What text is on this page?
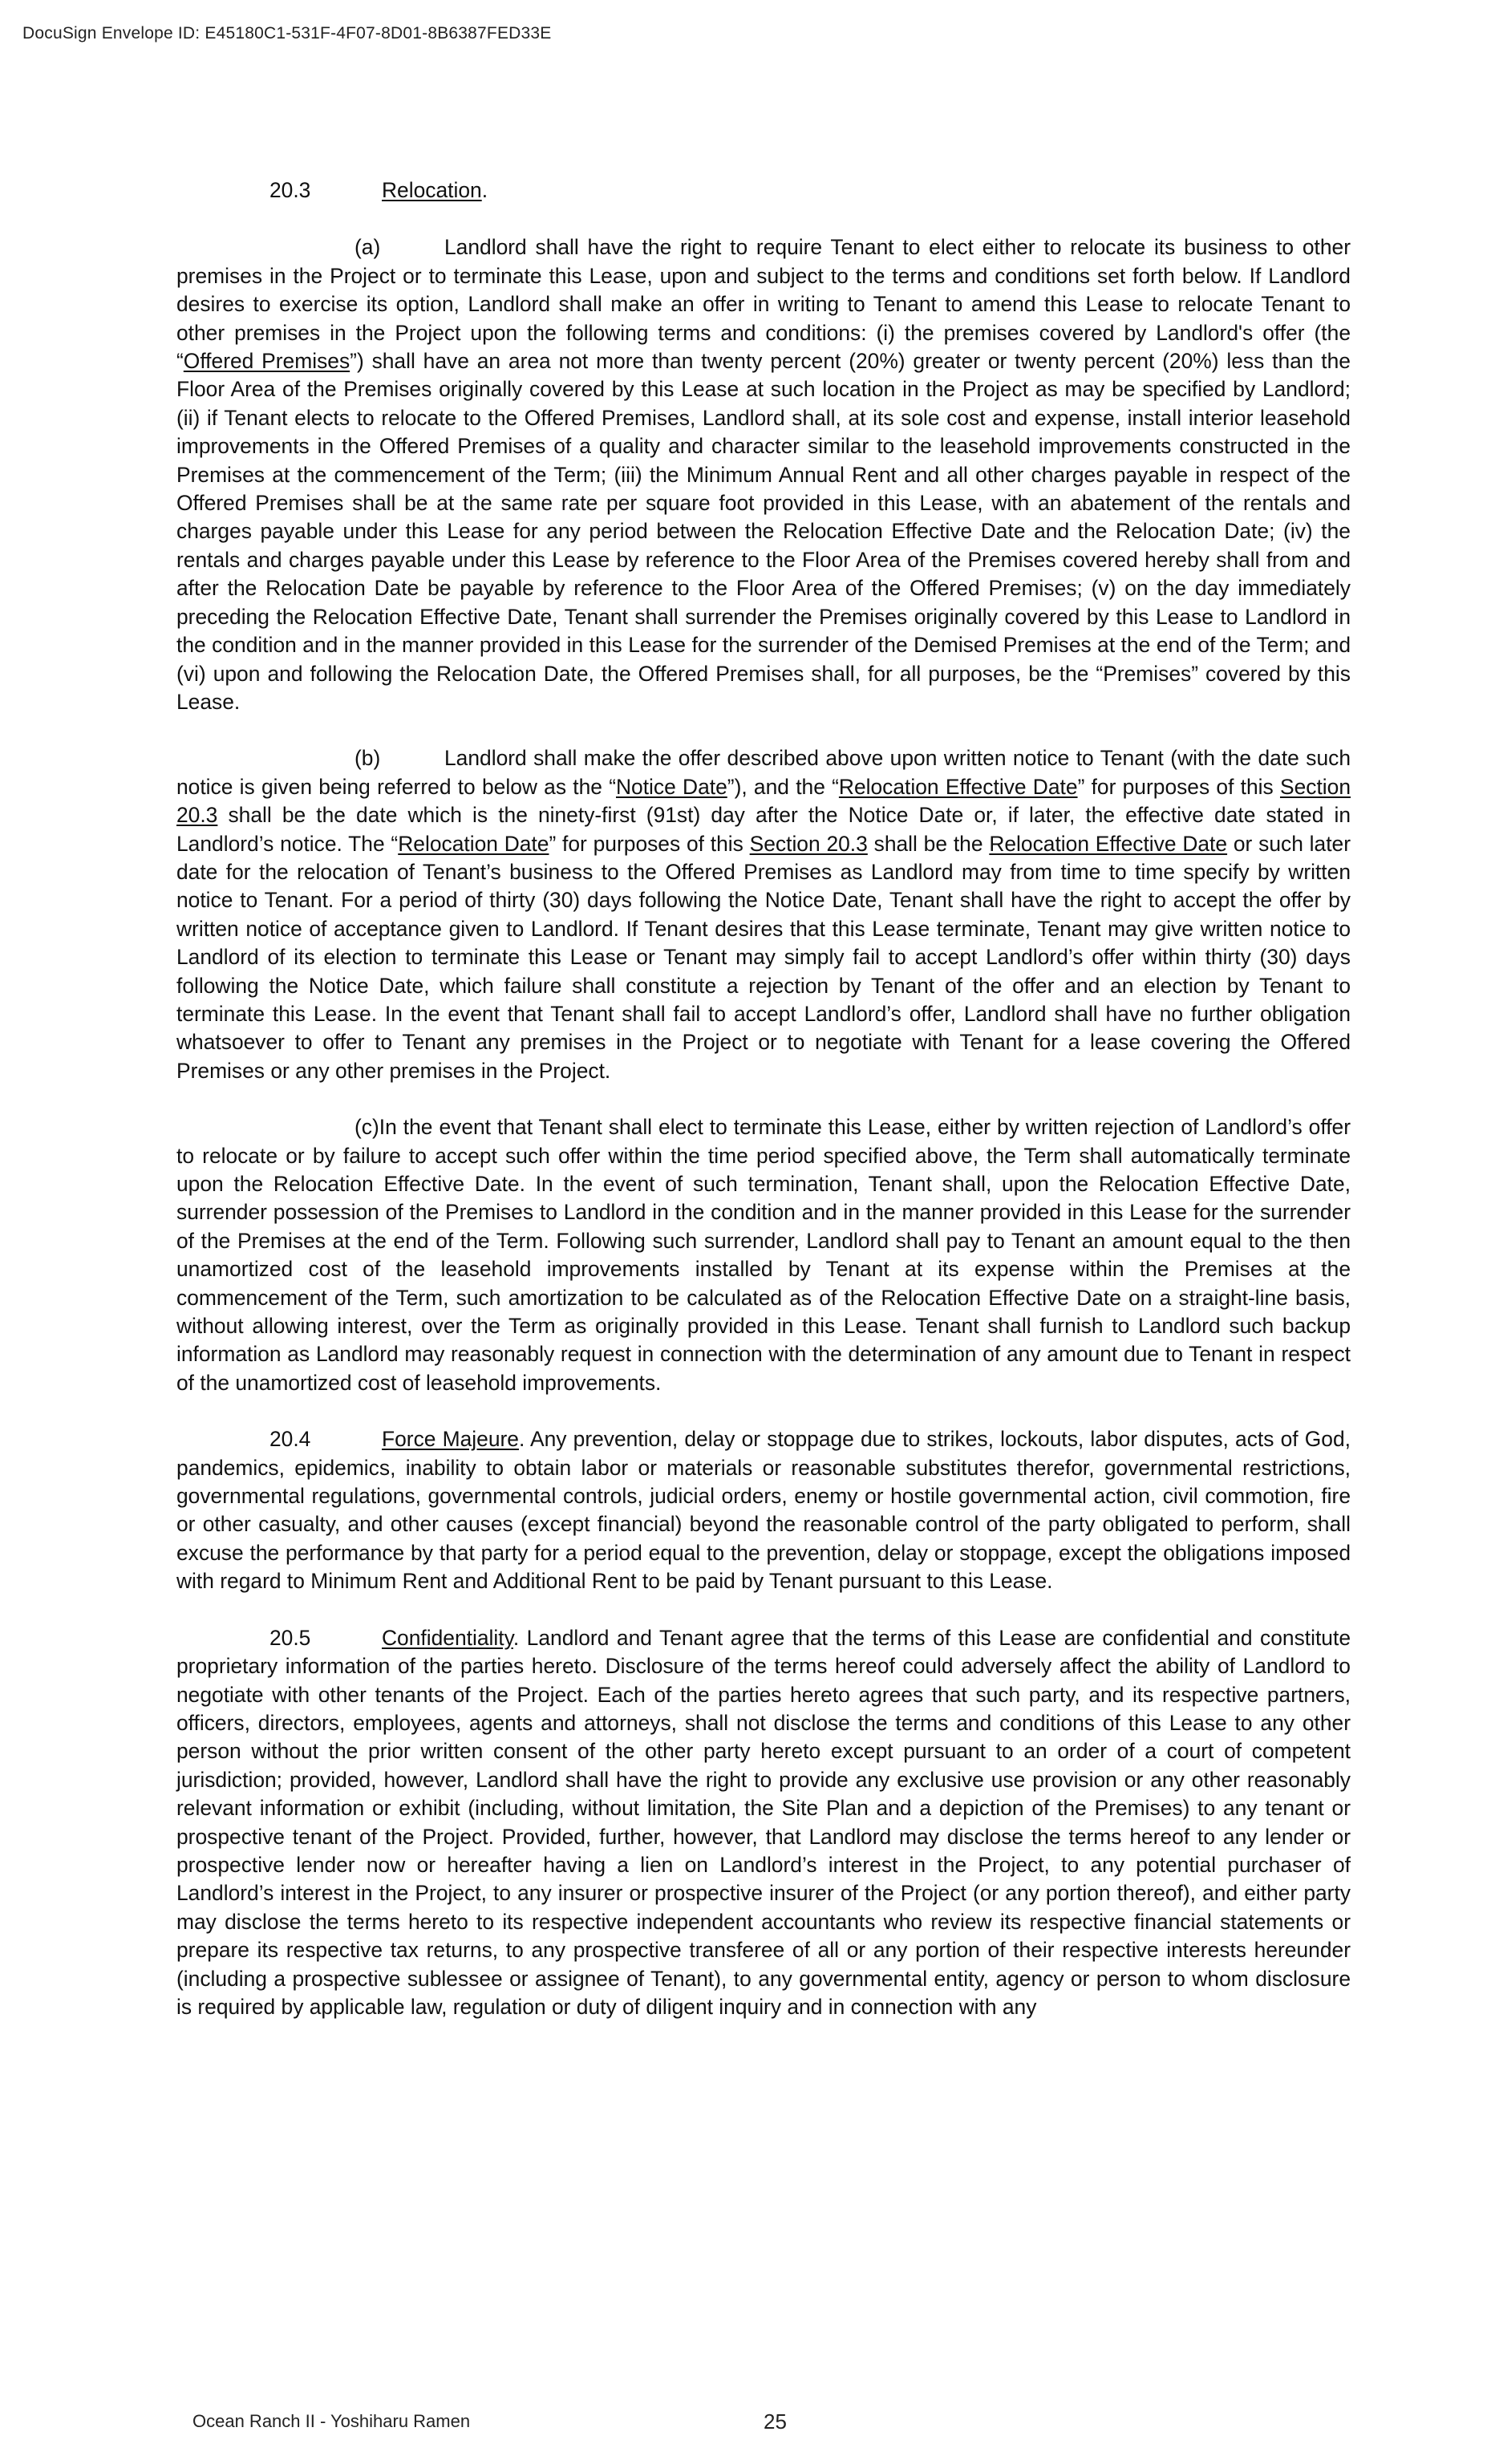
DocuSign Envelope ID: E45180C1-531F-4F07-8D01-8B6387FED33E

20.3	Relocation.

(a)	Landlord shall have the right to require Tenant to elect either to relocate its business to other premises in the Project or to terminate this Lease, upon and subject to the terms and conditions set forth below. If Landlord desires to exercise its option, Landlord shall make an offer in writing to Tenant to amend this Lease to relocate Tenant to other premises in the Project upon the following terms and conditions: (i) the premises covered by Landlord's offer (the “Offered Premises”) shall have an area not more than twenty percent (20%) greater or twenty percent (20%) less than the Floor Area of the Premises originally covered by this Lease at such location in the Project as may be specified by Landlord; (ii) if Tenant elects to relocate to the Offered Premises, Landlord shall, at its sole cost and expense, install interior leasehold improvements in the Offered Premises of a quality and character similar to the leasehold improvements constructed in the Premises at the commencement of the Term; (iii) the Minimum Annual Rent and all other charges payable in respect of the Offered Premises shall be at the same rate per square foot provided in this Lease, with an abatement of the rentals and charges payable under this Lease for any period between the Relocation Effective Date and the Relocation Date; (iv) the rentals and charges payable under this Lease by reference to the Floor Area of the Premises covered hereby shall from and after the Relocation Date be payable by reference to the Floor Area of the Offered Premises; (v) on the day immediately preceding the Relocation Effective Date, Tenant shall surrender the Premises originally covered by this Lease to Landlord in the condition and in the manner provided in this Lease for the surrender of the Demised Premises at the end of the Term; and (vi) upon and following the Relocation Date, the Offered Premises shall, for all purposes, be the “Premises” covered by this Lease.

(b)	Landlord shall make the offer described above upon written notice to Tenant (with the date such notice is given being referred to below as the “Notice Date”), and the “Relocation Effective Date” for purposes of this Section 20.3 shall be the date which is the ninety-first (91st) day after the Notice Date or, if later, the effective date stated in Landlord’s notice. The “Relocation Date” for purposes of this Section 20.3 shall be the Relocation Effective Date or such later date for the relocation of Tenant’s business to the Offered Premises as Landlord may from time to time specify by written notice to Tenant. For a period of thirty (30) days following the Notice Date, Tenant shall have the right to accept the offer by written notice of acceptance given to Landlord. If Tenant desires that this Lease terminate, Tenant may give written notice to Landlord of its election to terminate this Lease or Tenant may simply fail to accept Landlord’s offer within thirty (30) days following the Notice Date, which failure shall constitute a rejection by Tenant of the offer and an election by Tenant to terminate this Lease. In the event that Tenant shall fail to accept Landlord’s offer, Landlord shall have no further obligation whatsoever to offer to Tenant any premises in the Project or to negotiate with Tenant for a lease covering the Offered Premises or any other premises in the Project.

(c)In the event that Tenant shall elect to terminate this Lease, either by written rejection of Landlord’s offer to relocate or by failure to accept such offer within the time period specified above, the Term shall automatically terminate upon the Relocation Effective Date. In the event of such termination, Tenant shall, upon the Relocation Effective Date, surrender possession of the Premises to Landlord in the condition and in the manner provided in this Lease for the surrender of the Premises at the end of the Term. Following such surrender, Landlord shall pay to Tenant an amount equal to the then unamortized cost of the leasehold improvements installed by Tenant at its expense within the Premises at the commencement of the Term, such amortization to be calculated as of the Relocation Effective Date on a straight-line basis, without allowing interest, over the Term as originally provided in this Lease. Tenant shall furnish to Landlord such backup information as Landlord may reasonably request in connection with the determination of any amount due to Tenant in respect of the unamortized cost of leasehold improvements.

20.4	Force Majeure. Any prevention, delay or stoppage due to strikes, lockouts, labor disputes, acts of God, pandemics, epidemics, inability to obtain labor or materials or reasonable substitutes therefor, governmental restrictions, governmental regulations, governmental controls, judicial orders, enemy or hostile governmental action, civil commotion, fire or other casualty, and other causes (except financial) beyond the reasonable control of the party obligated to perform, shall excuse the performance by that party for a period equal to the prevention, delay or stoppage, except the obligations imposed with regard to Minimum Rent and Additional Rent to be paid by Tenant pursuant to this Lease.

20.5	Confidentiality. Landlord and Tenant agree that the terms of this Lease are confidential and constitute proprietary information of the parties hereto. Disclosure of the terms hereof could adversely affect the ability of Landlord to negotiate with other tenants of the Project. Each of the parties hereto agrees that such party, and its respective partners, officers, directors, employees, agents and attorneys, shall not disclose the terms and conditions of this Lease to any other person without the prior written consent of the other party hereto except pursuant to an order of a court of competent jurisdiction; provided, however, Landlord shall have the right to provide any exclusive use provision or any other reasonably relevant information or exhibit (including, without limitation, the Site Plan and a depiction of the Premises) to any tenant or prospective tenant of the Project. Provided, further, however, that Landlord may disclose the terms hereof to any lender or prospective lender now or hereafter having a lien on Landlord’s interest in the Project, to any potential purchaser of Landlord’s interest in the Project, to any insurer or prospective insurer of the Project (or any portion thereof), and either party may disclose the terms hereto to its respective independent accountants who review its respective financial statements or prepare its respective tax returns, to any prospective transferee of all or any portion of their respective interests hereunder (including a prospective sublessee or assignee of Tenant), to any governmental entity, agency or person to whom disclosure is required by applicable law, regulation or duty of diligent inquiry and in connection with any

Ocean Ranch II - Yoshiharu Ramen	25
